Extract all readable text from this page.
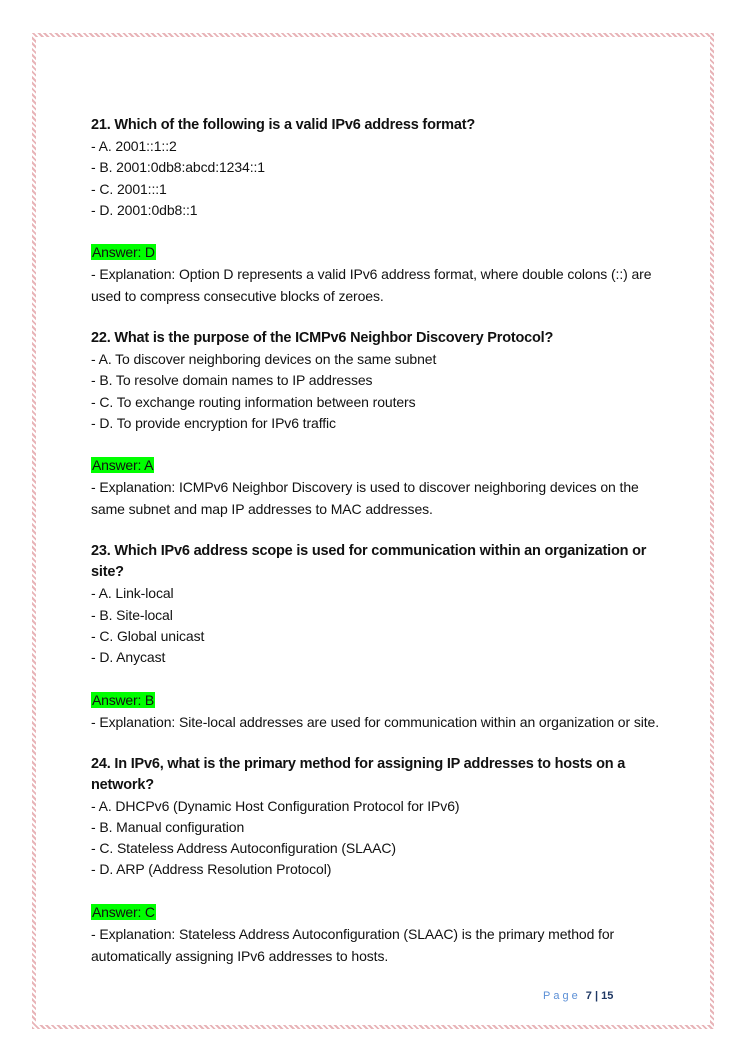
21. Which of the following is a valid IPv6 address format?

- A. 2001::1::2

- B. 2001:0db8:abcd:1234::1

- C. 2001:::1

- D. 2001:0db8::1

Answer: D

- Explanation: Option D represents a valid IPv6 address format, where double colons (::) are used to compress consecutive blocks of zeroes.

22. What is the purpose of the ICMPv6 Neighbor Discovery Protocol?

- A. To discover neighboring devices on the same subnet

- B. To resolve domain names to IP addresses

- C. To exchange routing information between routers

- D. To provide encryption for IPv6 traffic

Answer: A

- Explanation: ICMPv6 Neighbor Discovery is used to discover neighboring devices on the same subnet and map IP addresses to MAC addresses.

23. Which IPv6 address scope is used for communication within an organization or site?

- A. Link-local

- B. Site-local

- C. Global unicast

- D. Anycast

Answer: B

- Explanation: Site-local addresses are used for communication within an organization or site.

24. In IPv6, what is the primary method for assigning IP addresses to hosts on a network?

- A. DHCPv6 (Dynamic Host Configuration Protocol for IPv6)

- B. Manual configuration

- C. Stateless Address Autoconfiguration (SLAAC)

- D. ARP (Address Resolution Protocol)

Answer: C

- Explanation: Stateless Address Autoconfiguration (SLAAC) is the primary method for automatically assigning IPv6 addresses to hosts.

Page 7 | 15
